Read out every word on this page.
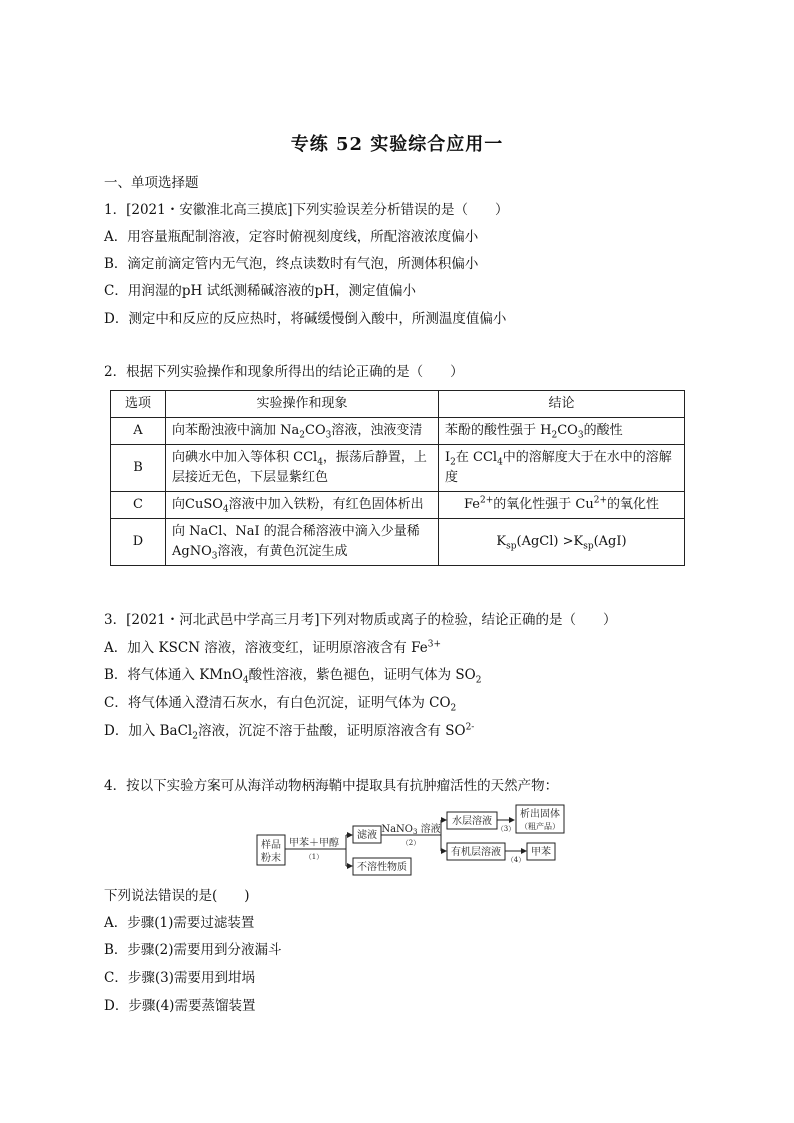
专练 52 实验综合应用一
一、单项选择题
1．[2021・安徽淮北高三摸底]下列实验误差分析错误的是（　　）
A．用容量瓶配制溶液，定容时俯视刻度线，所配溶液浓度偏小
B．滴定前滴定管内无气泡，终点读数时有气泡，所测体积偏小
C．用润湿的pH 试纸测稀碱溶液的pH，测定值偏小
D．测定中和反应的反应热时，将碱缓慢倒入酸中，所测温度值偏小
2．根据下列实验操作和现象所得出的结论正确的是（　　）
选项	实验操作和现象	结论
A	向苯酚浊液中滴加 $Na_2CO_3$溶液，浊液变清	苯酚的酸性强于 $H_2CO_3$的酸性
B	向碘水中加入等体积 CCl$_4$，振荡后静置，上层接近无色，下层显紫红色	$I_2$在 CCl$_4$中的溶解度大于在水中的溶解度
C	向CuSO$_4$溶液中加入铁粉，有红色固体析出	$Fe^{2+}$的氧化性强于 $Cu^{2+}$的氧化性
D	向 NaCl、NaI 的混合稀溶液中滴入少量稀AgNO$_3$溶液，有黄色沉淀生成	$K_{sp}(AgCl) >K_{sp}(AgI)$
3．[2021・河北武邑中学高三月考]下列对物质或离子的检验，结论正确的是（　　）
A．加入 KSCN 溶液，溶液变红，证明原溶液含有 $Fe^{3+}$
B．将气体通入 KMnO$_4$酸性溶液，紫色褪色，证明气体为 $SO_2$
C．将气体通入澄清石灰水，有白色沉淀，证明气体为 $CO_2$
D．加入 BaCl$_2$溶液，沉淀不溶于盐酸，证明原溶液含有 $SO^{2-}$
4．按以下实验方案可从海洋动物柄海鞘中提取具有抗肿瘤活性的天然产物：
样品
粉末
甲苯＋甲醇
（1）
滤液
不溶性物质
NaNO$_3$ 溶液
（2）
水层溶液
有机层溶液
（3）
（4）
析出固体
（粗产品）
甲苯
下列说法错误的是(　　)
A．步骤(1)需要过滤装置
B．步骤(2)需要用到分液漏斗
C．步骤(3)需要用到坩埚
D．步骤(4)需要蒸馏装置
